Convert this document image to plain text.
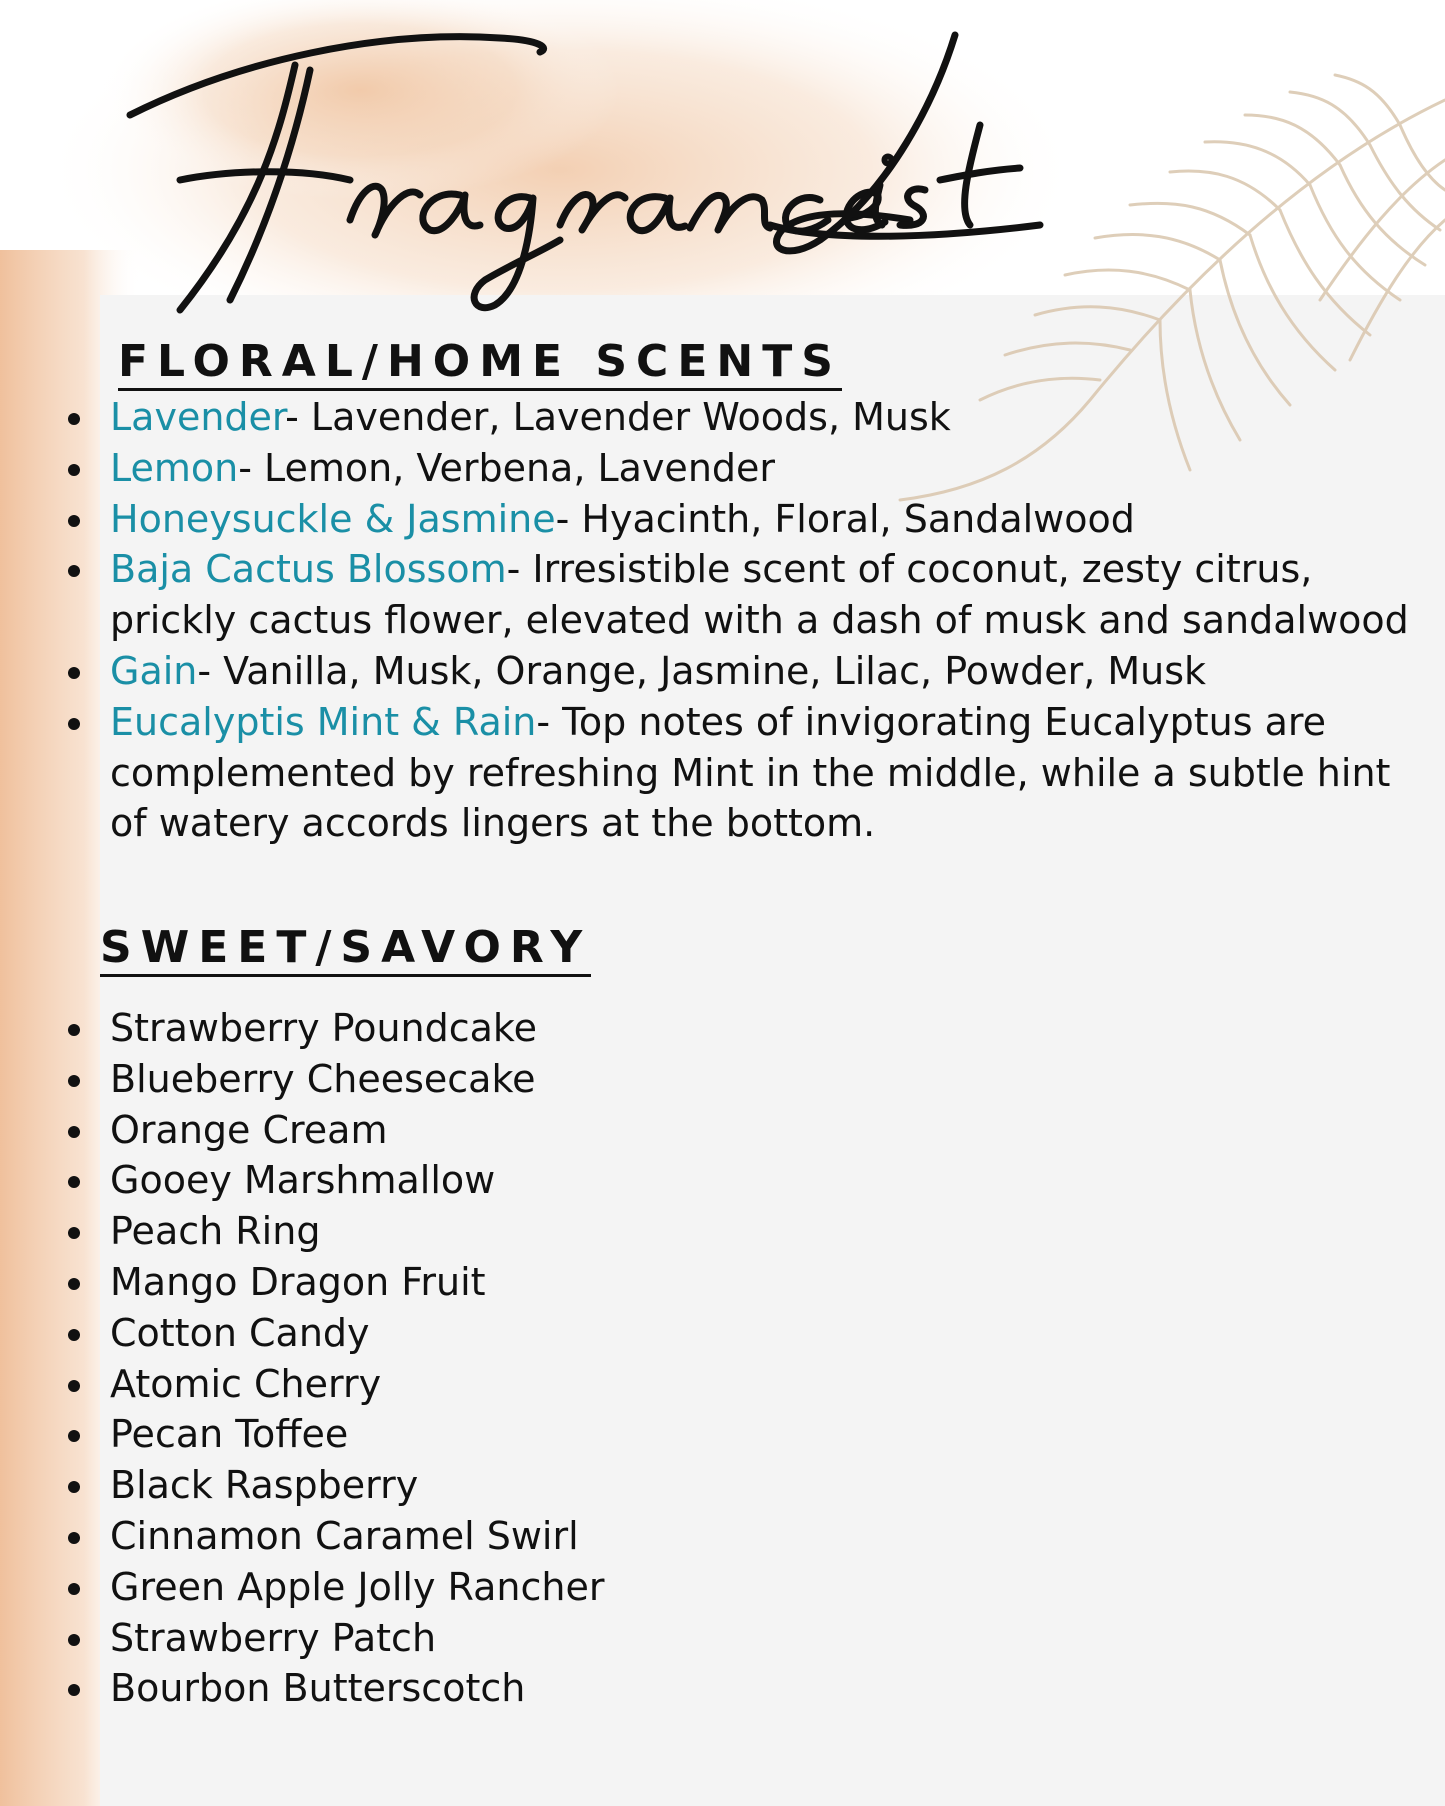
FLORAL/HOME SCENTS
Lavender- Lavender, Lavender Woods, Musk
Lemon- Lemon, Verbena, Lavender
Honeysuckle & Jasmine- Hyacinth, Floral, Sandalwood
Baja Cactus Blossom- Irresistible scent of coconut, zesty citrus, prickly cactus flower, elevated with a dash of musk and sandalwood
Gain- Vanilla, Musk, Orange, Jasmine, Lilac, Powder, Musk
Eucalyptis Mint & Rain- Top notes of invigorating Eucalyptus are complemented by refreshing Mint in the middle, while a subtle hint of watery accords lingers at the bottom.
SWEET/SAVORY
Strawberry Poundcake
Blueberry Cheesecake
Orange Cream
Gooey Marshmallow
Peach Ring
Mango Dragon Fruit
Cotton Candy
Atomic Cherry
Pecan Toffee
Black Raspberry
Cinnamon Caramel Swirl
Green Apple Jolly Rancher
Strawberry Patch
Bourbon Butterscotch
